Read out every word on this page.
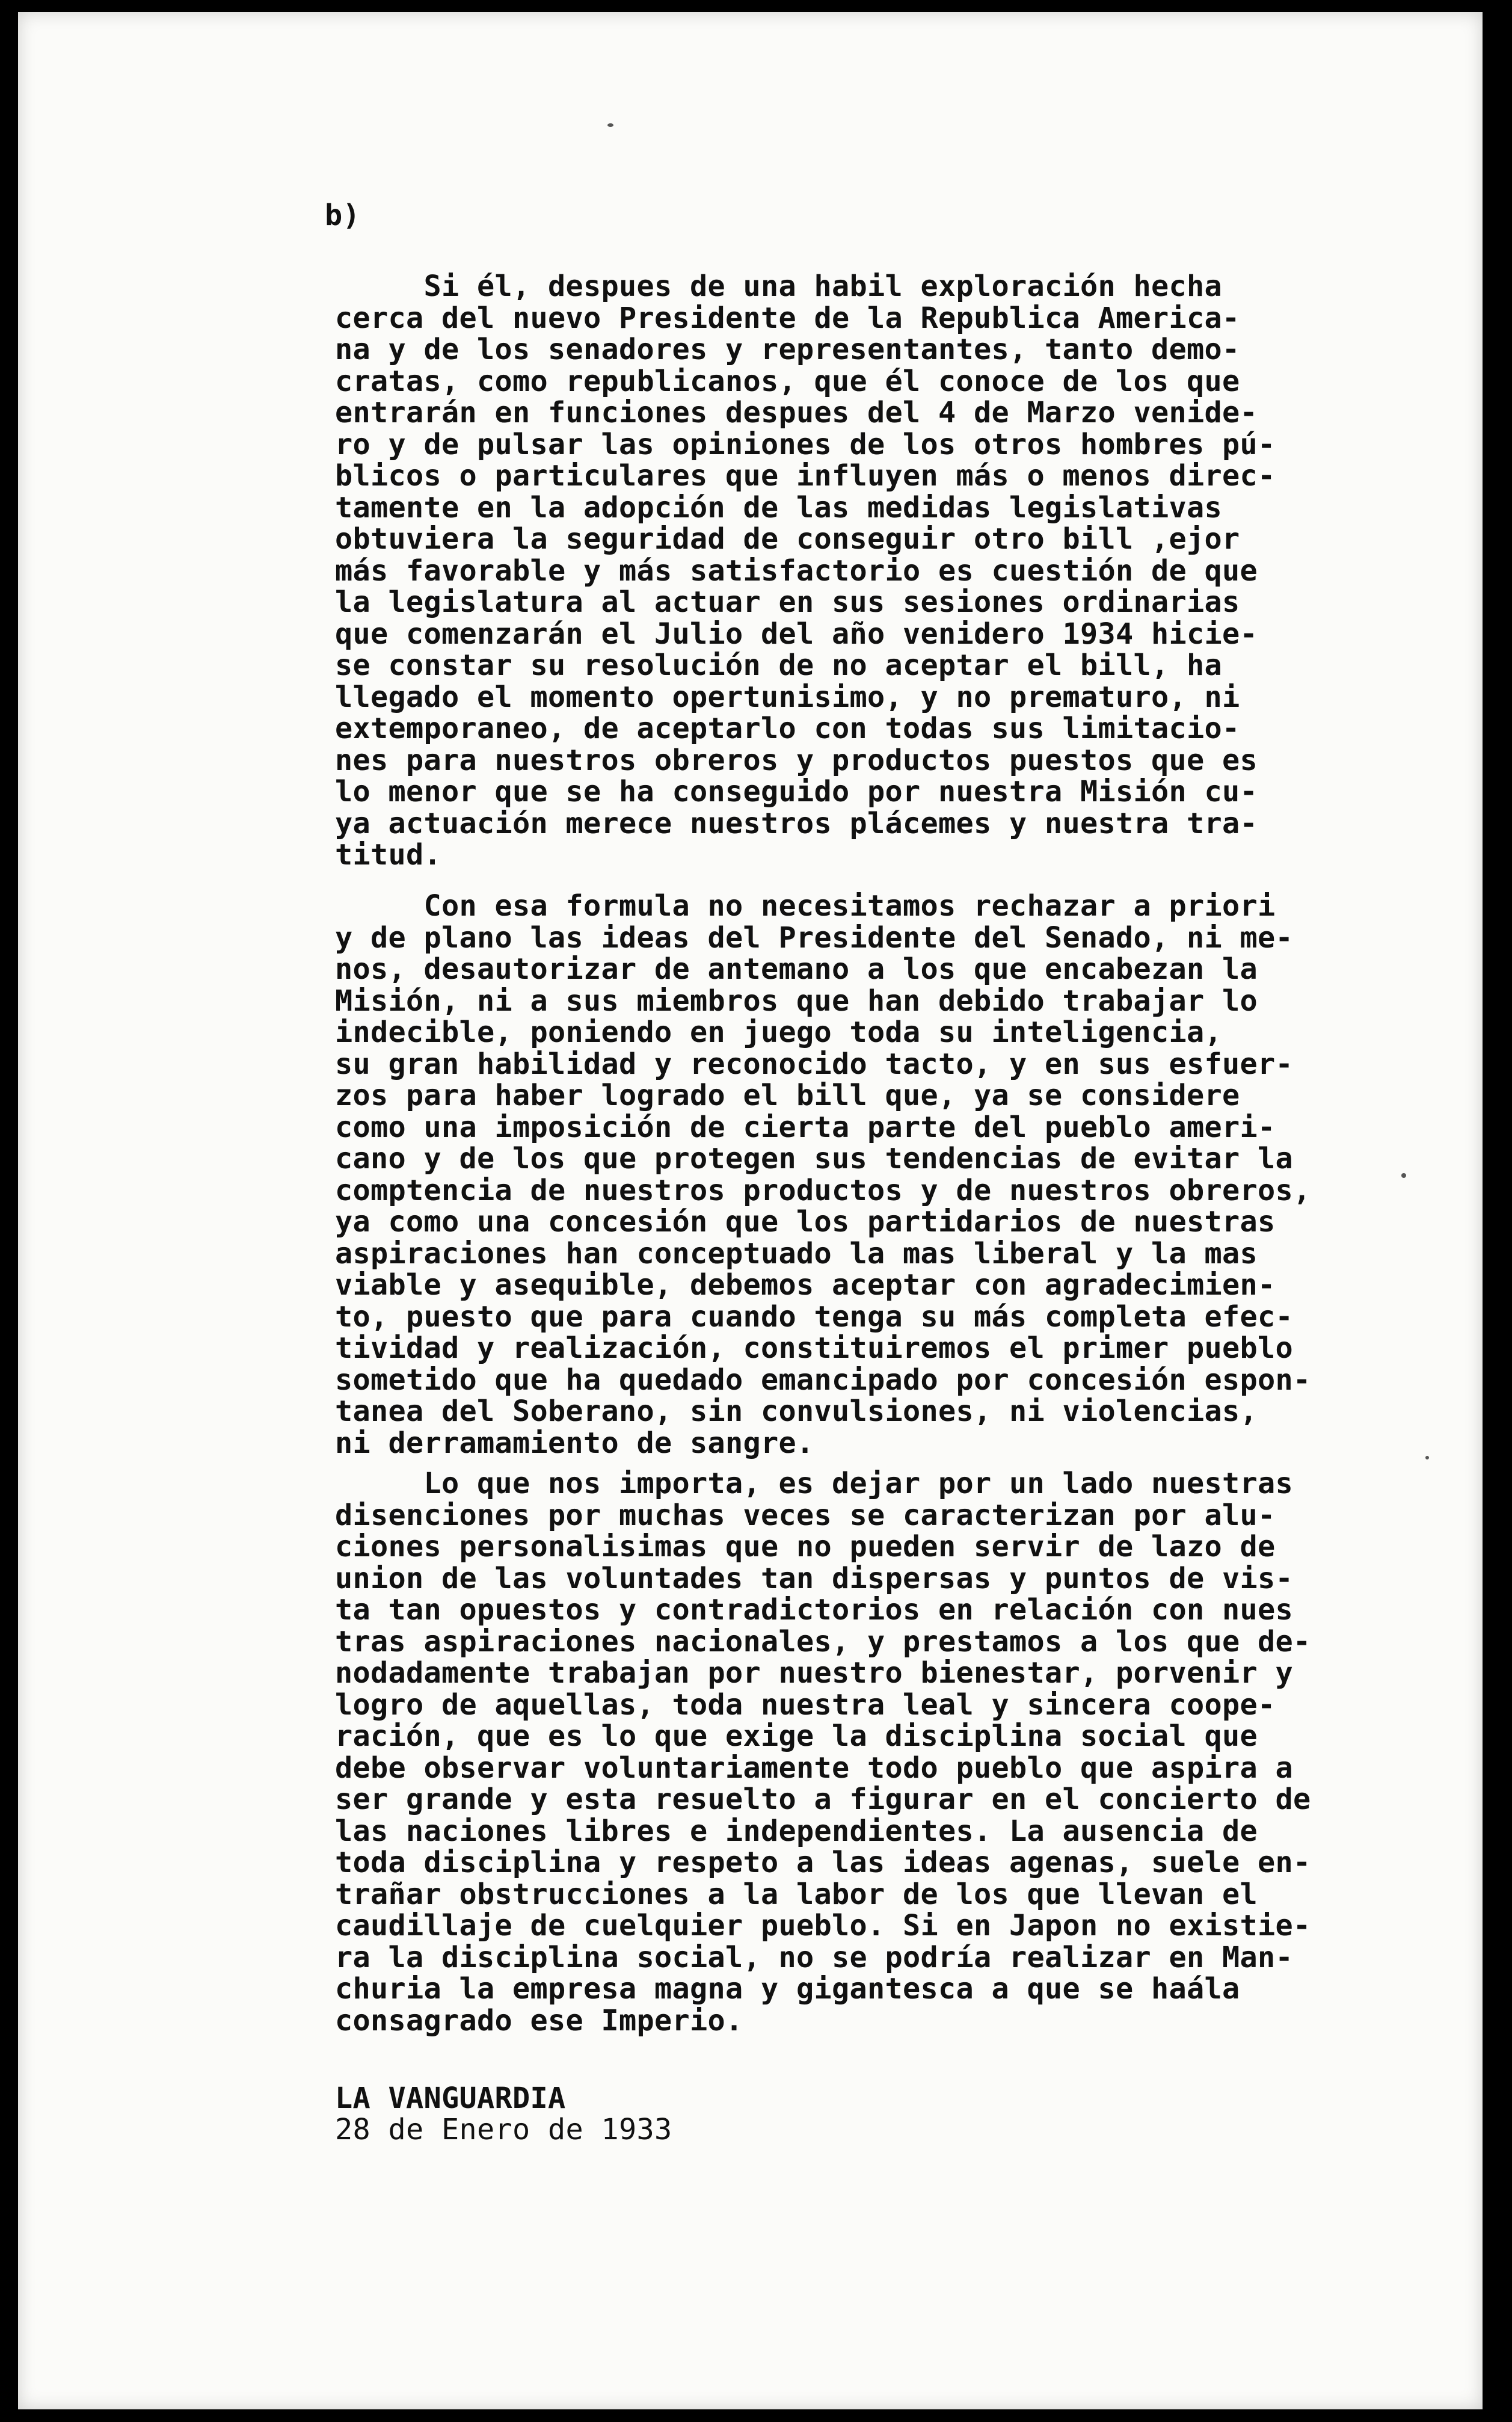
b)
Si él, despues de una habil exploración hecha
cerca del nuevo Presidente de la Republica America-
na y de los senadores y representantes, tanto demo-
cratas, como republicanos, que él conoce de los que
entrarán en funciones despues del 4 de Marzo venide-
ro y de pulsar las opiniones de los otros hombres pú-
blicos o particulares que influyen más o menos direc-
tamente en la adopción de las medidas legislativas
obtuviera la seguridad de conseguir otro bill ,ejor
más favorable y más satisfactorio es cuestión de que
la legislatura al actuar en sus sesiones ordinarias
que comenzarán el Julio del año venidero 1934 hicie-
se constar su resolución de no aceptar el bill, ha
llegado el momento opertunisimo, y no prematuro, ni
extemporaneo, de aceptarlo con todas sus limitacio-
nes para nuestros obreros y productos puestos que es
lo menor que se ha conseguido por nuestra Misión cu-
ya actuación merece nuestros plácemes y nuestra tra-
titud.
Con esa formula no necesitamos rechazar a priori
y de plano las ideas del Presidente del Senado, ni me-
nos, desautorizar de antemano a los que encabezan la
Misión, ni a sus miembros que han debido trabajar lo
indecible, poniendo en juego toda su inteligencia,
su gran habilidad y reconocido tacto, y en sus esfuer-
zos para haber logrado el bill que, ya se considere
como una imposición de cierta parte del pueblo ameri-
cano y de los que protegen sus tendencias de evitar la
comptencia de nuestros productos y de nuestros obreros,
ya como una concesión que los partidarios de nuestras
aspiraciones han conceptuado la mas liberal y la mas
viable y asequible, debemos aceptar con agradecimien-
to, puesto que para cuando tenga su más completa efec-
tividad y realización, constituiremos el primer pueblo
sometido que ha quedado emancipado por concesión espon-
tanea del Soberano, sin convulsiones, ni violencias,
ni derramamiento de sangre.
Lo que nos importa, es dejar por un lado nuestras
disenciones por muchas veces se caracterizan por alu-
ciones personalisimas que no pueden servir de lazo de
union de las voluntades tan dispersas y puntos de vis-
ta tan opuestos y contradictorios en relación con nues
tras aspiraciones nacionales, y prestamos a los que de-
nodadamente trabajan por nuestro bienestar, porvenir y
logro de aquellas, toda nuestra leal y sincera coope-
ración, que es lo que exige la disciplina social que
debe observar voluntariamente todo pueblo que aspira a
ser grande y esta resuelto a figurar en el concierto de
las naciones libres e independientes. La ausencia de
toda disciplina y respeto a las ideas agenas, suele en-
trañar obstrucciones a la labor de los que llevan el
caudillaje de cuelquier pueblo. Si en Japon no existie-
ra la disciplina social, no se podría realizar en Man-
churia la empresa magna y gigantesca a que se haála
consagrado ese Imperio.
LA VANGUARDIA
28 de Enero de 1933
